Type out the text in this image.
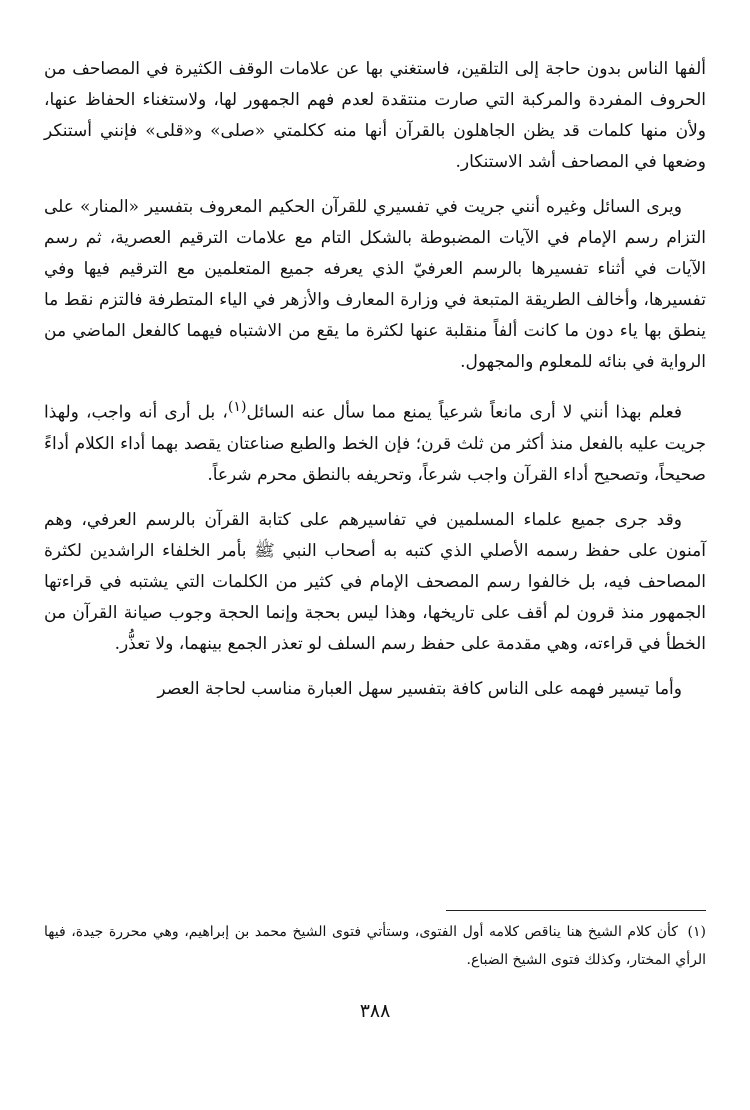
ألفها الناس بدون حاجة إلى التلقين، فاستغني بها عن علامات الوقف الكثيرة في المصاحف من الحروف المفردة والمركبة التي صارت منتقدة لعدم فهم الجمهور لها، ولاستغناء الحفاظ عنها، ولأن منها كلمات قد يظن الجاهلون بالقرآن أنها منه ككلمتي «صلى» و«قلى» فإنني أستنكر وضعها في المصاحف أشد الاستنكار.

ويرى السائل وغيره أنني جريت في تفسيري للقرآن الحكيم المعروف بتفسير «المنار» على التزام رسم الإمام في الآيات المضبوطة بالشكل التام مع علامات الترقيم العصرية، ثم رسم الآيات في أثناء تفسيرها بالرسم العرفيّ الذي يعرفه جميع المتعلمين مع الترقيم فيها وفي تفسيرها، وأخالف الطريقة المتبعة في وزارة المعارف والأزهر في الياء المتطرفة فالتزم نقط ما ينطق بها ياء دون ما كانت ألفاً منقلبة عنها لكثرة ما يقع من الاشتباه فيهما كالفعل الماضي من الرواية في بنائه للمعلوم والمجهول.

فعلم بهذا أنني لا أرى مانعاً شرعياً يمنع مما سأل عنه السائل$^{(١)}$، بل أرى أنه واجب، ولهذا جريت عليه بالفعل منذ أكثر من ثلث قرن؛ فإن الخط والطبع صناعتان يقصد بهما أداء الكلام أداءً صحيحاً، وتصحيح أداء القرآن واجب شرعاً، وتحريفه بالنطق محرم شرعاً.

وقد جرى جميع علماء المسلمين في تفاسيرهم على كتابة القرآن بالرسم العرفي، وهم آمنون على حفظ رسمه الأصلي الذي كتبه به أصحاب النبي ﷺ بأمر الخلفاء الراشدين لكثرة المصاحف فيه، بل خالفوا رسم المصحف الإمام في كثير من الكلمات التي يشتبه في قراءتها الجمهور منذ قرون لم أقف على تاريخها، وهذا ليس بحجة وإنما الحجة وجوب صيانة القرآن من الخطأ في قراءته، وهي مقدمة على حفظ رسم السلف لو تعذر الجمع بينهما، ولا تعذُّر.

وأما تيسير فهمه على الناس كافة بتفسير سهل العبارة مناسب لحاجة العصر

(١) كأن كلام الشيخ هنا يناقص كلامه أول الفتوى، وستأتي فتوى الشيخ محمد بن إبراهيم، وهي محررة جيدة، فيها الرأي المختار، وكذلك فتوى الشيخ الضباع.
٣٨٨
